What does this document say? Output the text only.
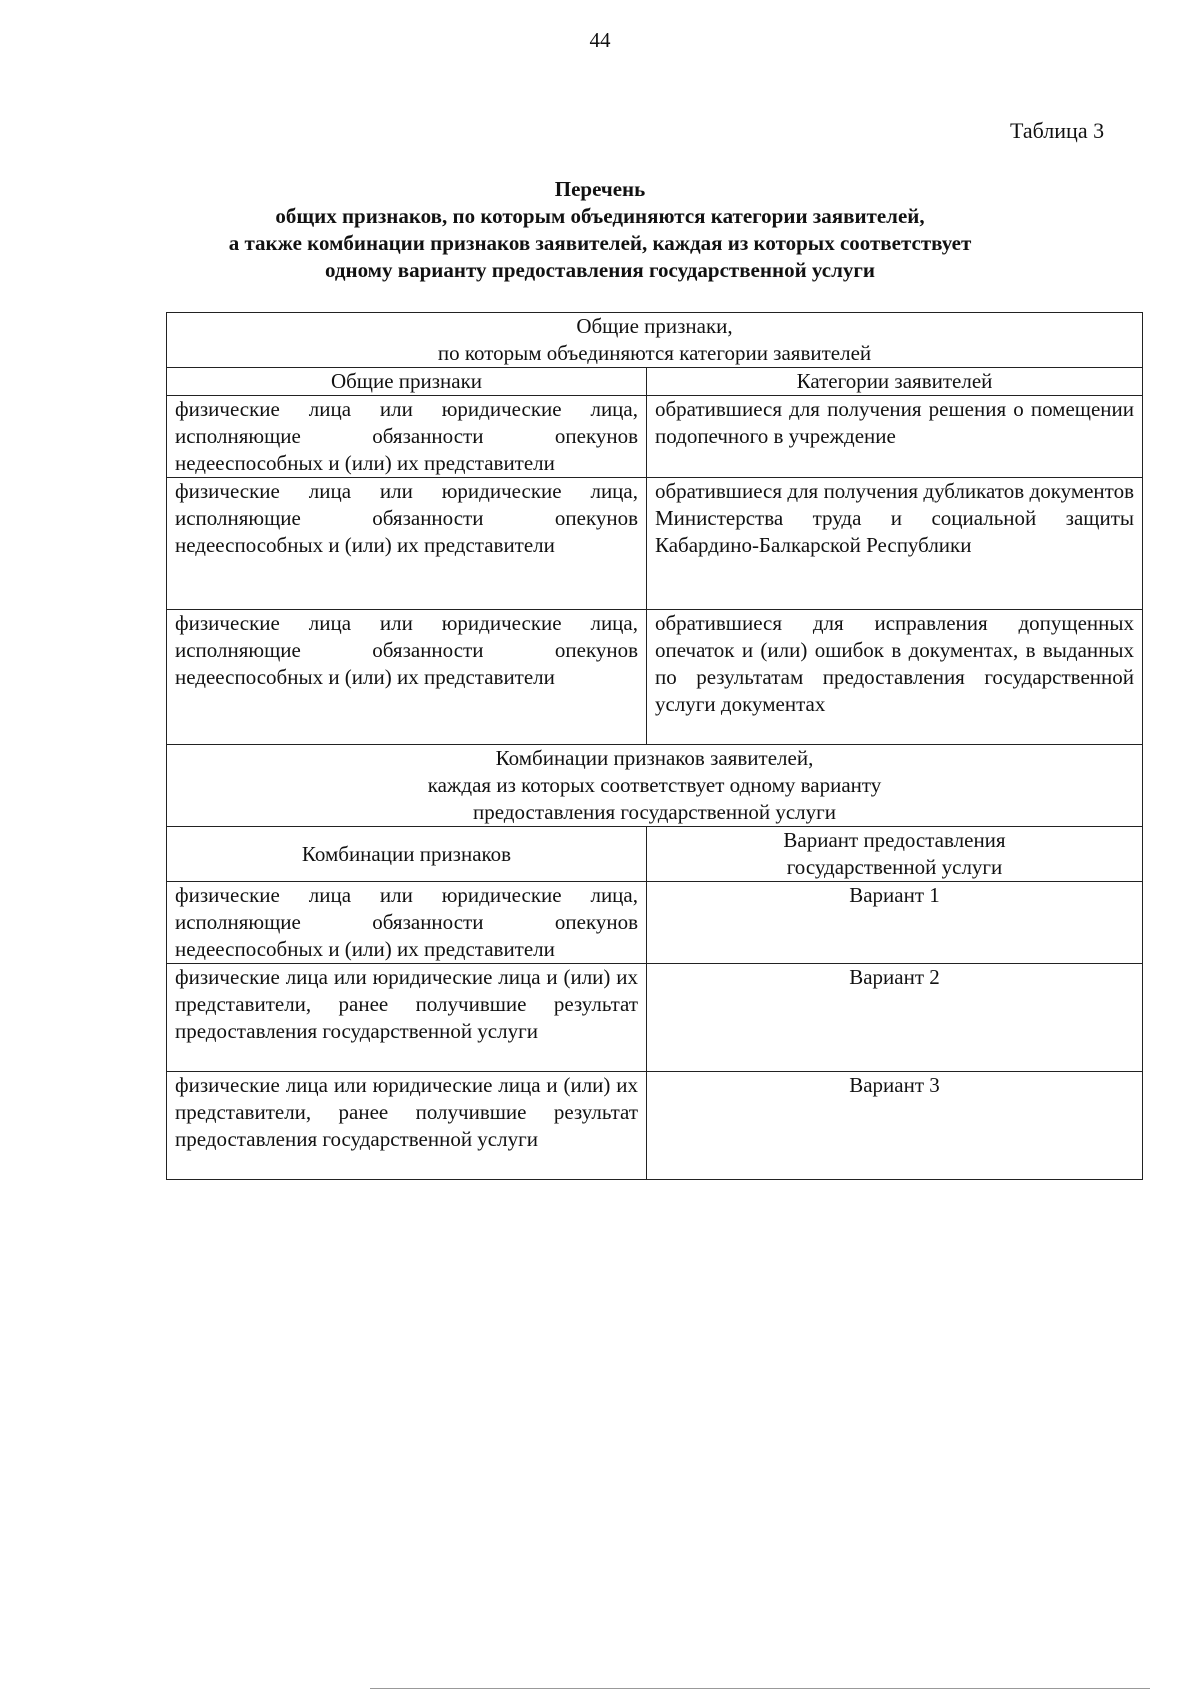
44
Таблица 3
Перечень
общих признаков, по которым объединяются категории заявителей,
а также комбинации признаков заявителей, каждая из которых соответствует
одному варианту предоставления государственной услуги
Общие признаки,
по которым объединяются категории заявителей	

Общие признаки	Категории заявителей
физические лица или юридические лица, исполняющие обязанности опекунов недееспособных и (или) их представители	обратившиеся для получения решения о помещении подопечного в учреждение
физические лица или юридические лица, исполняющие обязанности опекунов недееспособных и (или) их представители	обратившиеся для получения дубликатов документов Министерства труда и социальной защиты Кабардино-Балкарской Республики
физические лица или юридические лица, исполняющие обязанности опекунов недееспособных и (или) их представители	обратившиеся для исправления допущенных опечаток и (или) ошибок в документах, в выданных по результатам предоставления государственной услуги документах

Комбинации признаков заявителей,
каждая из которых соответствует одному варианту
предоставления государственной услуги	

Комбинации признаков	Вариант предоставления
государственной услуги

физические лица или юридические лица, исполняющие обязанности опекунов недееспособных и (или) их представители	Вариант 1
физические лица или юридические лица и (или) их представители, ранее получившие результат предоставления государственной услуги	Вариант 2
физические лица или юридические лица и (или) их представители, ранее получившие результат предоставления государственной услуги	Вариант 3
